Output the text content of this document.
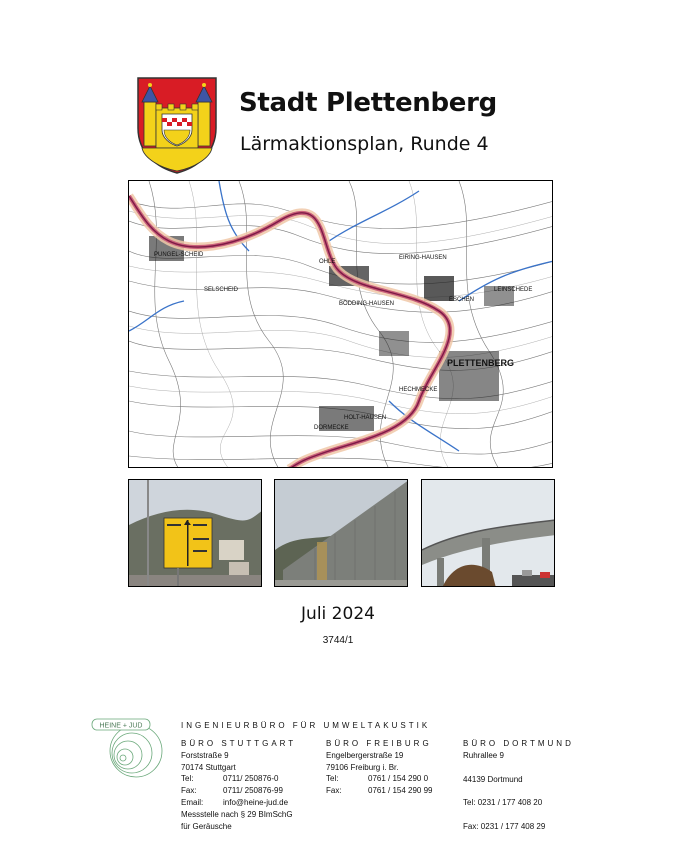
Stadt Plettenberg
Lärmaktionsplan, Runde 4
PLETTENBERG
EIRING-HAUSEN
HOLT-HAUSEN
BÖDDING-HAUSEN
ESCHEN
OHLE
PUNGEL-SCHEID
SELSCHEID
HECHMECKE
DORMECKE
LEINSCHEDE
Juli 2024
3744/1
HEINE + JUD	INGENIEURBÜRO FÜR UMWELTAKUSTIK
BÜRO STUTTGART
Forststraße 9
70174 Stuttgart
Tel:	0711/ 250876-0
Fax:	0711/ 250876-99
Email:	info@heine-jud.de
Messstelle nach § 29 BImSchG
für Geräusche
BÜRO FREIBURG
Engelbergerstraße 19
79106 Freiburg i. Br.
Tel:	0761 / 154 290 0
Fax:	0761 / 154 290 99
BÜRO DORTMUND
Ruhrallee 9
44139 Dortmund
Tel: 0231 / 177 408 20
Fax: 0231 / 177 408 29
